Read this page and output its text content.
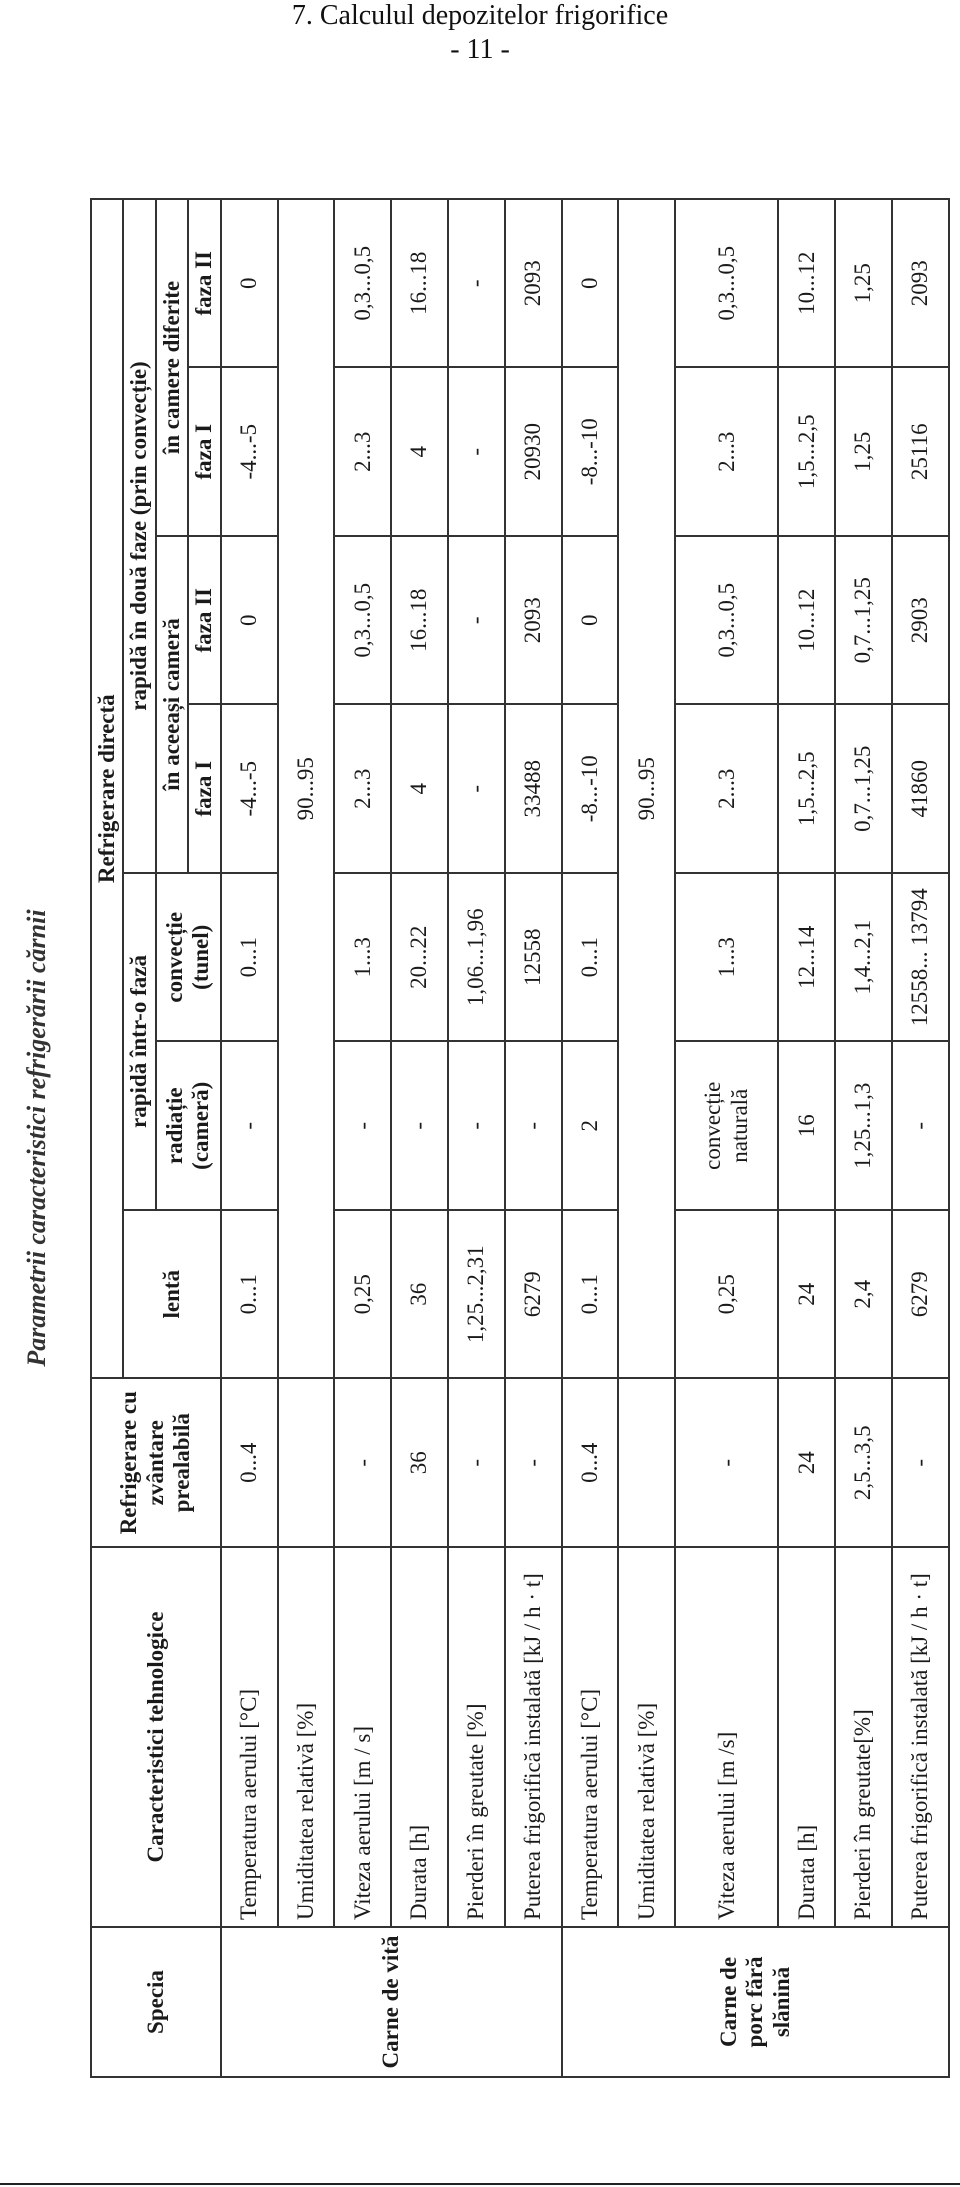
7. Calculul depozitelor frigorifice
- 11 -
Parametrii caracteristici refrigerării cărnii
Specia	Caracteristici tehnologice	Refrigerare cu zvântare prealabilă	Refrigerare directă						
			lentă	rapidă într-o fază		rapidă în două faze (prin convecție)			
				radiație (cameră)	convecție (tunel)	în aceeași cameră		în camere diferite	
						faza I	faza II	faza I	faza II
Carne de vită	Temperatura aerului [°C]	0...4	0...1	-	0...1	-4...-5	0	-4...-5	0
	Umiditatea relativă [%]		90...95						
	Viteza aerului [m / s]	-	0,25	-	1...3	2...3	0,3...0,5	2...3	0,3...0,5
	Durata [h]	36	36	-	20...22	4	16...18	4	16...18
	Pierderi în greutate [%]	-	1,25...2,31	-	1,06...1,96	-	-	-	-
	Puterea frigorifică instalată [kJ / h · t]	-	6279	-	12558	33488	2093	20930	2093
Carne de porc fără slănină	Temperatura aerului [°C]	0...4	0...1	2	0...1	-8...-10	0	-8...-10	0
	Umiditatea relativă [%]		90...95						
	Viteza aerului [m /s]	-	0,25	convecție naturală	1...3	2...3	0,3...0,5	2...3	0,3...0,5
	Durata [h]	24	24	16	12...14	1,5...2,5	10...12	1,5...2,5	10...12
	Pierderi în greutate[%]	2,5...3,5	2,4	1,25...1,3	1,4...2,1	0,7...1,25	0,7...1,25	1,25	1,25
	Puterea frigorifică instalată [kJ / h · t]	-	6279	-	12558... 13794	41860	2903	25116	2093
